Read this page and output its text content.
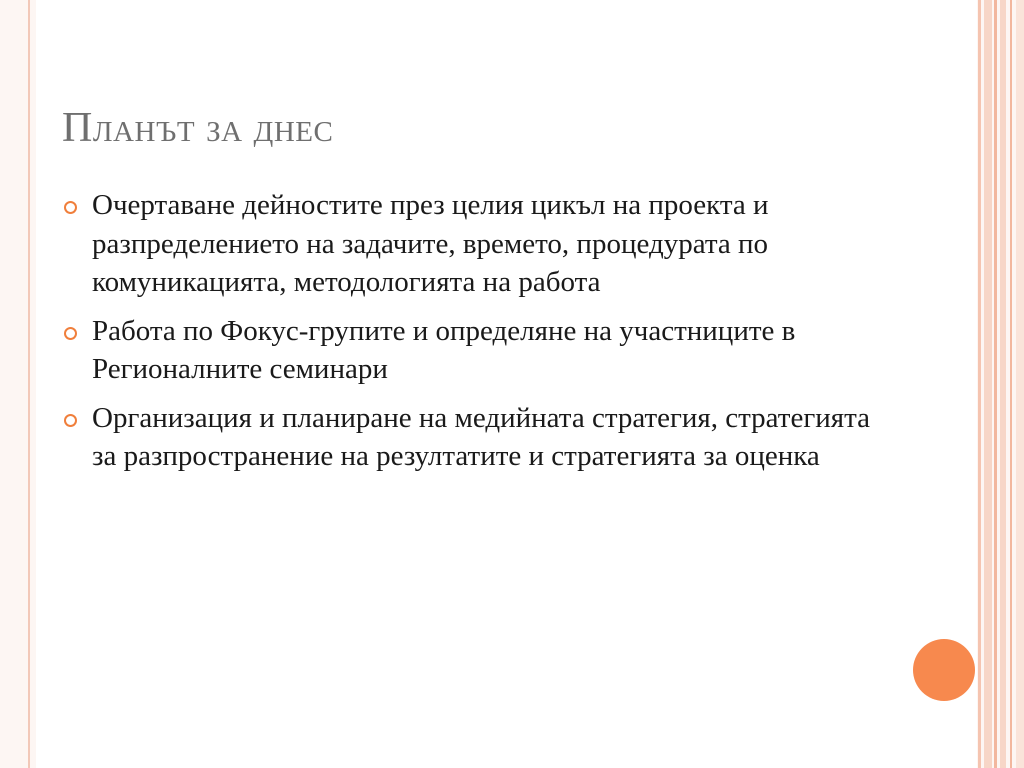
Планът за днес
Очертаване дейностите през целия цикъл на проекта и разпределението на задачите, времето, процедурата по комуникацията, методологията на работа
Работа по Фокус-групите и определяне на участниците в Регионалните семинари
Организация и планиране на медийната стратегия, стратегията за разпространение на резултатите и стратегията за оценка
